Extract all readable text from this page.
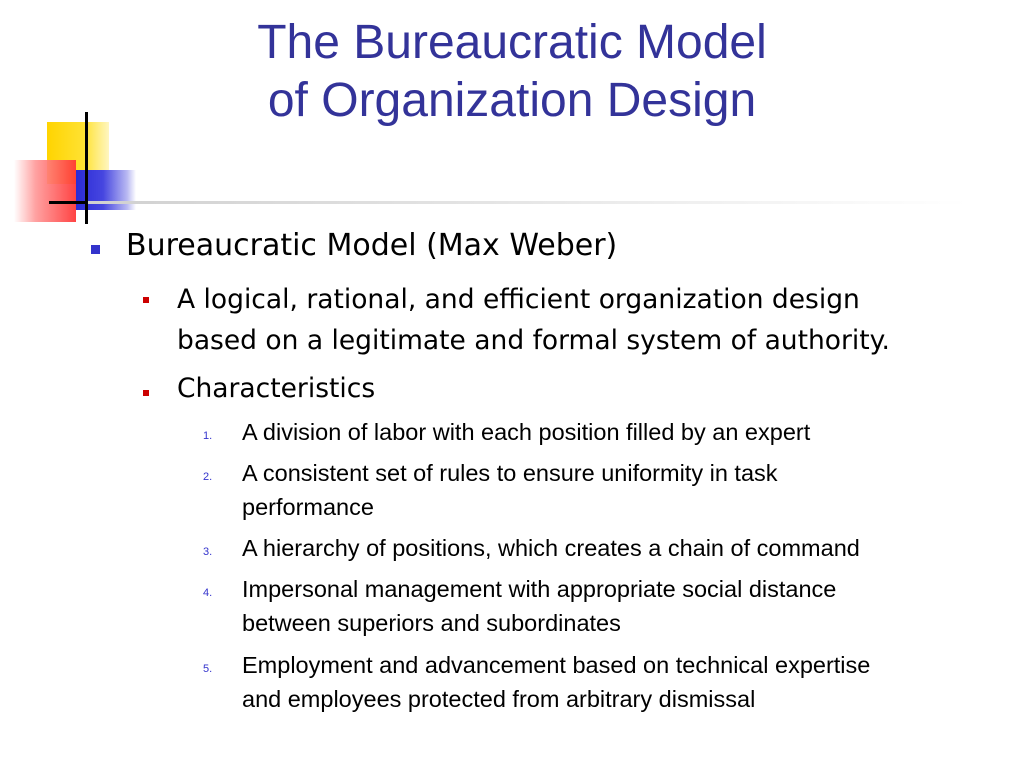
The Bureaucratic Model
of Organization Design
Bureaucratic Model (Max Weber)
A logical, rational, and efficient organization design
based on a legitimate and formal system of authority.
Characteristics
1. A division of labor with each position filled by an expert
2. A consistent set of rules to ensure uniformity in task
performance
3. A hierarchy of positions, which creates a chain of command
4. Impersonal management with appropriate social distance
between superiors and subordinates
5. Employment and advancement based on technical expertise
and employees protected from arbitrary dismissal
